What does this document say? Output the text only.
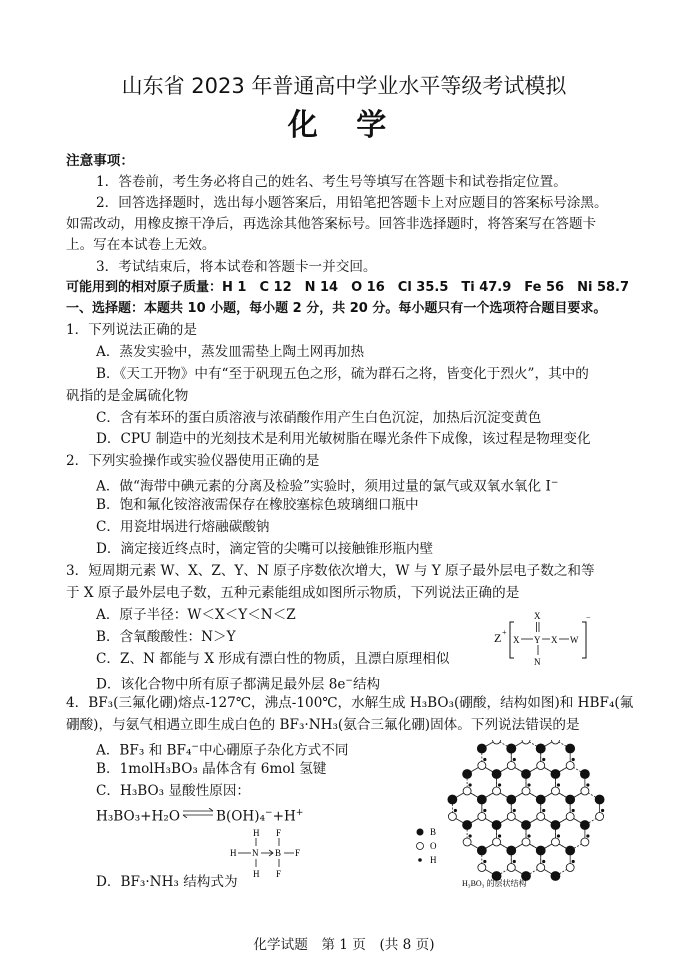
山东省 2023 年普通高中学业水平等级考试模拟
化 学
注意事项：
1．答卷前，考生务必将自己的姓名、考生号等填写在答题卡和试卷指定位置。
2．回答选择题时，选出每小题答案后，用铅笔把答题卡上对应题目的答案标号涂黑。
如需改动，用橡皮擦干净后，再选涂其他答案标号。回答非选择题时，将答案写在答题卡
上。写在本试卷上无效。
3．考试结束后，将本试卷和答题卡一并交回。
可能用到的相对原子质量：H 1　C 12　N 14　O 16　Cl 35.5　Ti 47.9　Fe 56　Ni 58.7
一、选择题：本题共 10 小题，每小题 2 分，共 20 分。每小题只有一个选项符合题目要求。
1．下列说法正确的是
A．蒸发实验中，蒸发皿需垫上陶土网再加热
B．《天工开物》中有“至于矾现五色之形，硫为群石之将，皆变化于烈火”，其中的
矾指的是金属硫化物
C．含有苯环的蛋白质溶液与浓硝酸作用产生白色沉淀，加热后沉淀变黄色
D．CPU 制造中的光刻技术是利用光敏树脂在曝光条件下成像，该过程是物理变化
2．下列实验操作或实验仪器使用正确的是
A．做“海带中碘元素的分离及检验”实验时，须用过量的氯气或双氧水氧化 I−
B．饱和氟化铵溶液需保存在橡胶塞棕色玻璃细口瓶中
C．用瓷坩埚进行熔融碳酸钠
D．滴定接近终点时，滴定管的尖嘴可以接触锥形瓶内壁
3．短周期元素 W、X、Z、Y、N 原子序数依次增大，W 与 Y 原子最外层电子数之和等
于 X 原子最外层电子数，五种元素能组成如图所示物质，下列说法正确的是
A．原子半径：W＜X＜Y＜N＜Z
B．含氧酸酸性：N＞Y
C．Z、N 都能与 X 形成有漂白性的物质，且漂白原理相似
D．该化合物中所有原子都满足最外层 8e−结构
Z +
−
X Y X W
X
N
4．BF₃(三氟化硼)熔点-127℃，沸点-100℃，水解生成 H₃BO₃(硼酸，结构如图)和 HBF₄(氟
硼酸)，与氨气相遇立即生成白色的 BF₃·NH₃(氨合三氟化硼)固体。下列说法错误的是
A．BF₃ 和 BF₄−中心硼原子杂化方式不同
B．1molH₃BO₃ 晶体含有 6mol 氢键
C．H₃BO₃ 显酸性原因：
H₃BO₃+H₂O⇌B(OH)₄−+H+
H
H N
H
B
F
F
F
D．BF₃·NH₃ 结构式为
B
O
H
H₃BO₃ 的层状结构
化学试题　第 1 页　(共 8 页)
